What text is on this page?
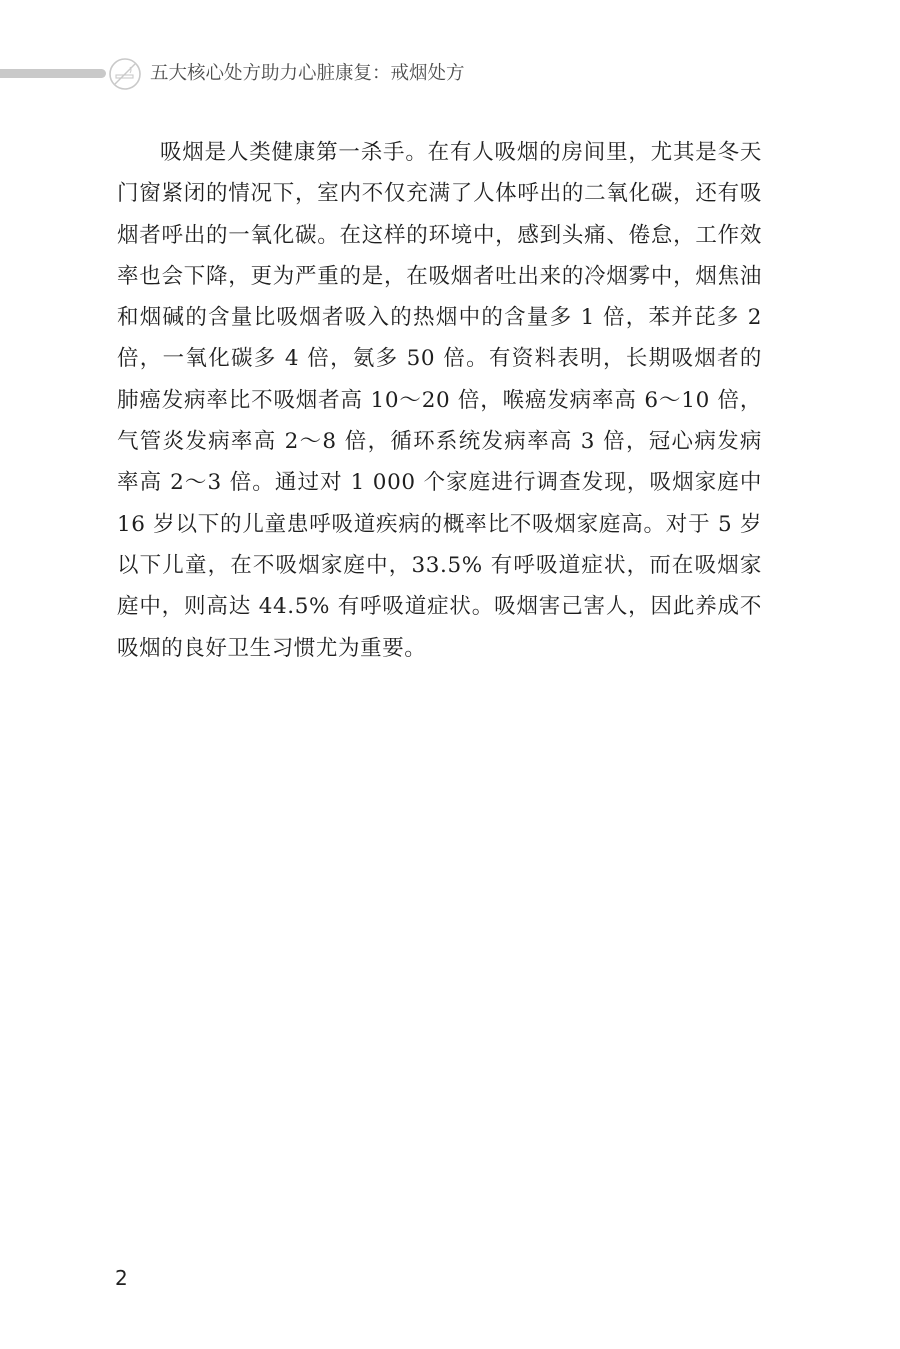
五大核心处方助力心脏康复：戒烟处方

吸烟是人类健康第一杀手。在有人吸烟的房间里，尤其是冬天门窗紧闭的情况下，室内不仅充满了人体呼出的二氧化碳，还有吸烟者呼出的一氧化碳。在这样的环境中，感到头痛、倦怠，工作效率也会下降，更为严重的是，在吸烟者吐出来的冷烟雾中，烟焦油和烟碱的含量比吸烟者吸入的热烟中的含量多 1 倍，苯并芘多 2 倍，一氧化碳多 4 倍，氨多 50 倍。有资料表明，长期吸烟者的肺癌发病率比不吸烟者高 10～20 倍，喉癌发病率高 6～10 倍，气管炎发病率高 2～8 倍，循环系统发病率高 3 倍，冠心病发病率高 2～3 倍。通过对 1 000 个家庭进行调查发现，吸烟家庭中 16 岁以下的儿童患呼吸道疾病的概率比不吸烟家庭高。对于 5 岁以下儿童，在不吸烟家庭中，33.5% 有呼吸道症状，而在吸烟家庭中，则高达 44.5% 有呼吸道症状。吸烟害己害人，因此养成不吸烟的良好卫生习惯尤为重要。

2
